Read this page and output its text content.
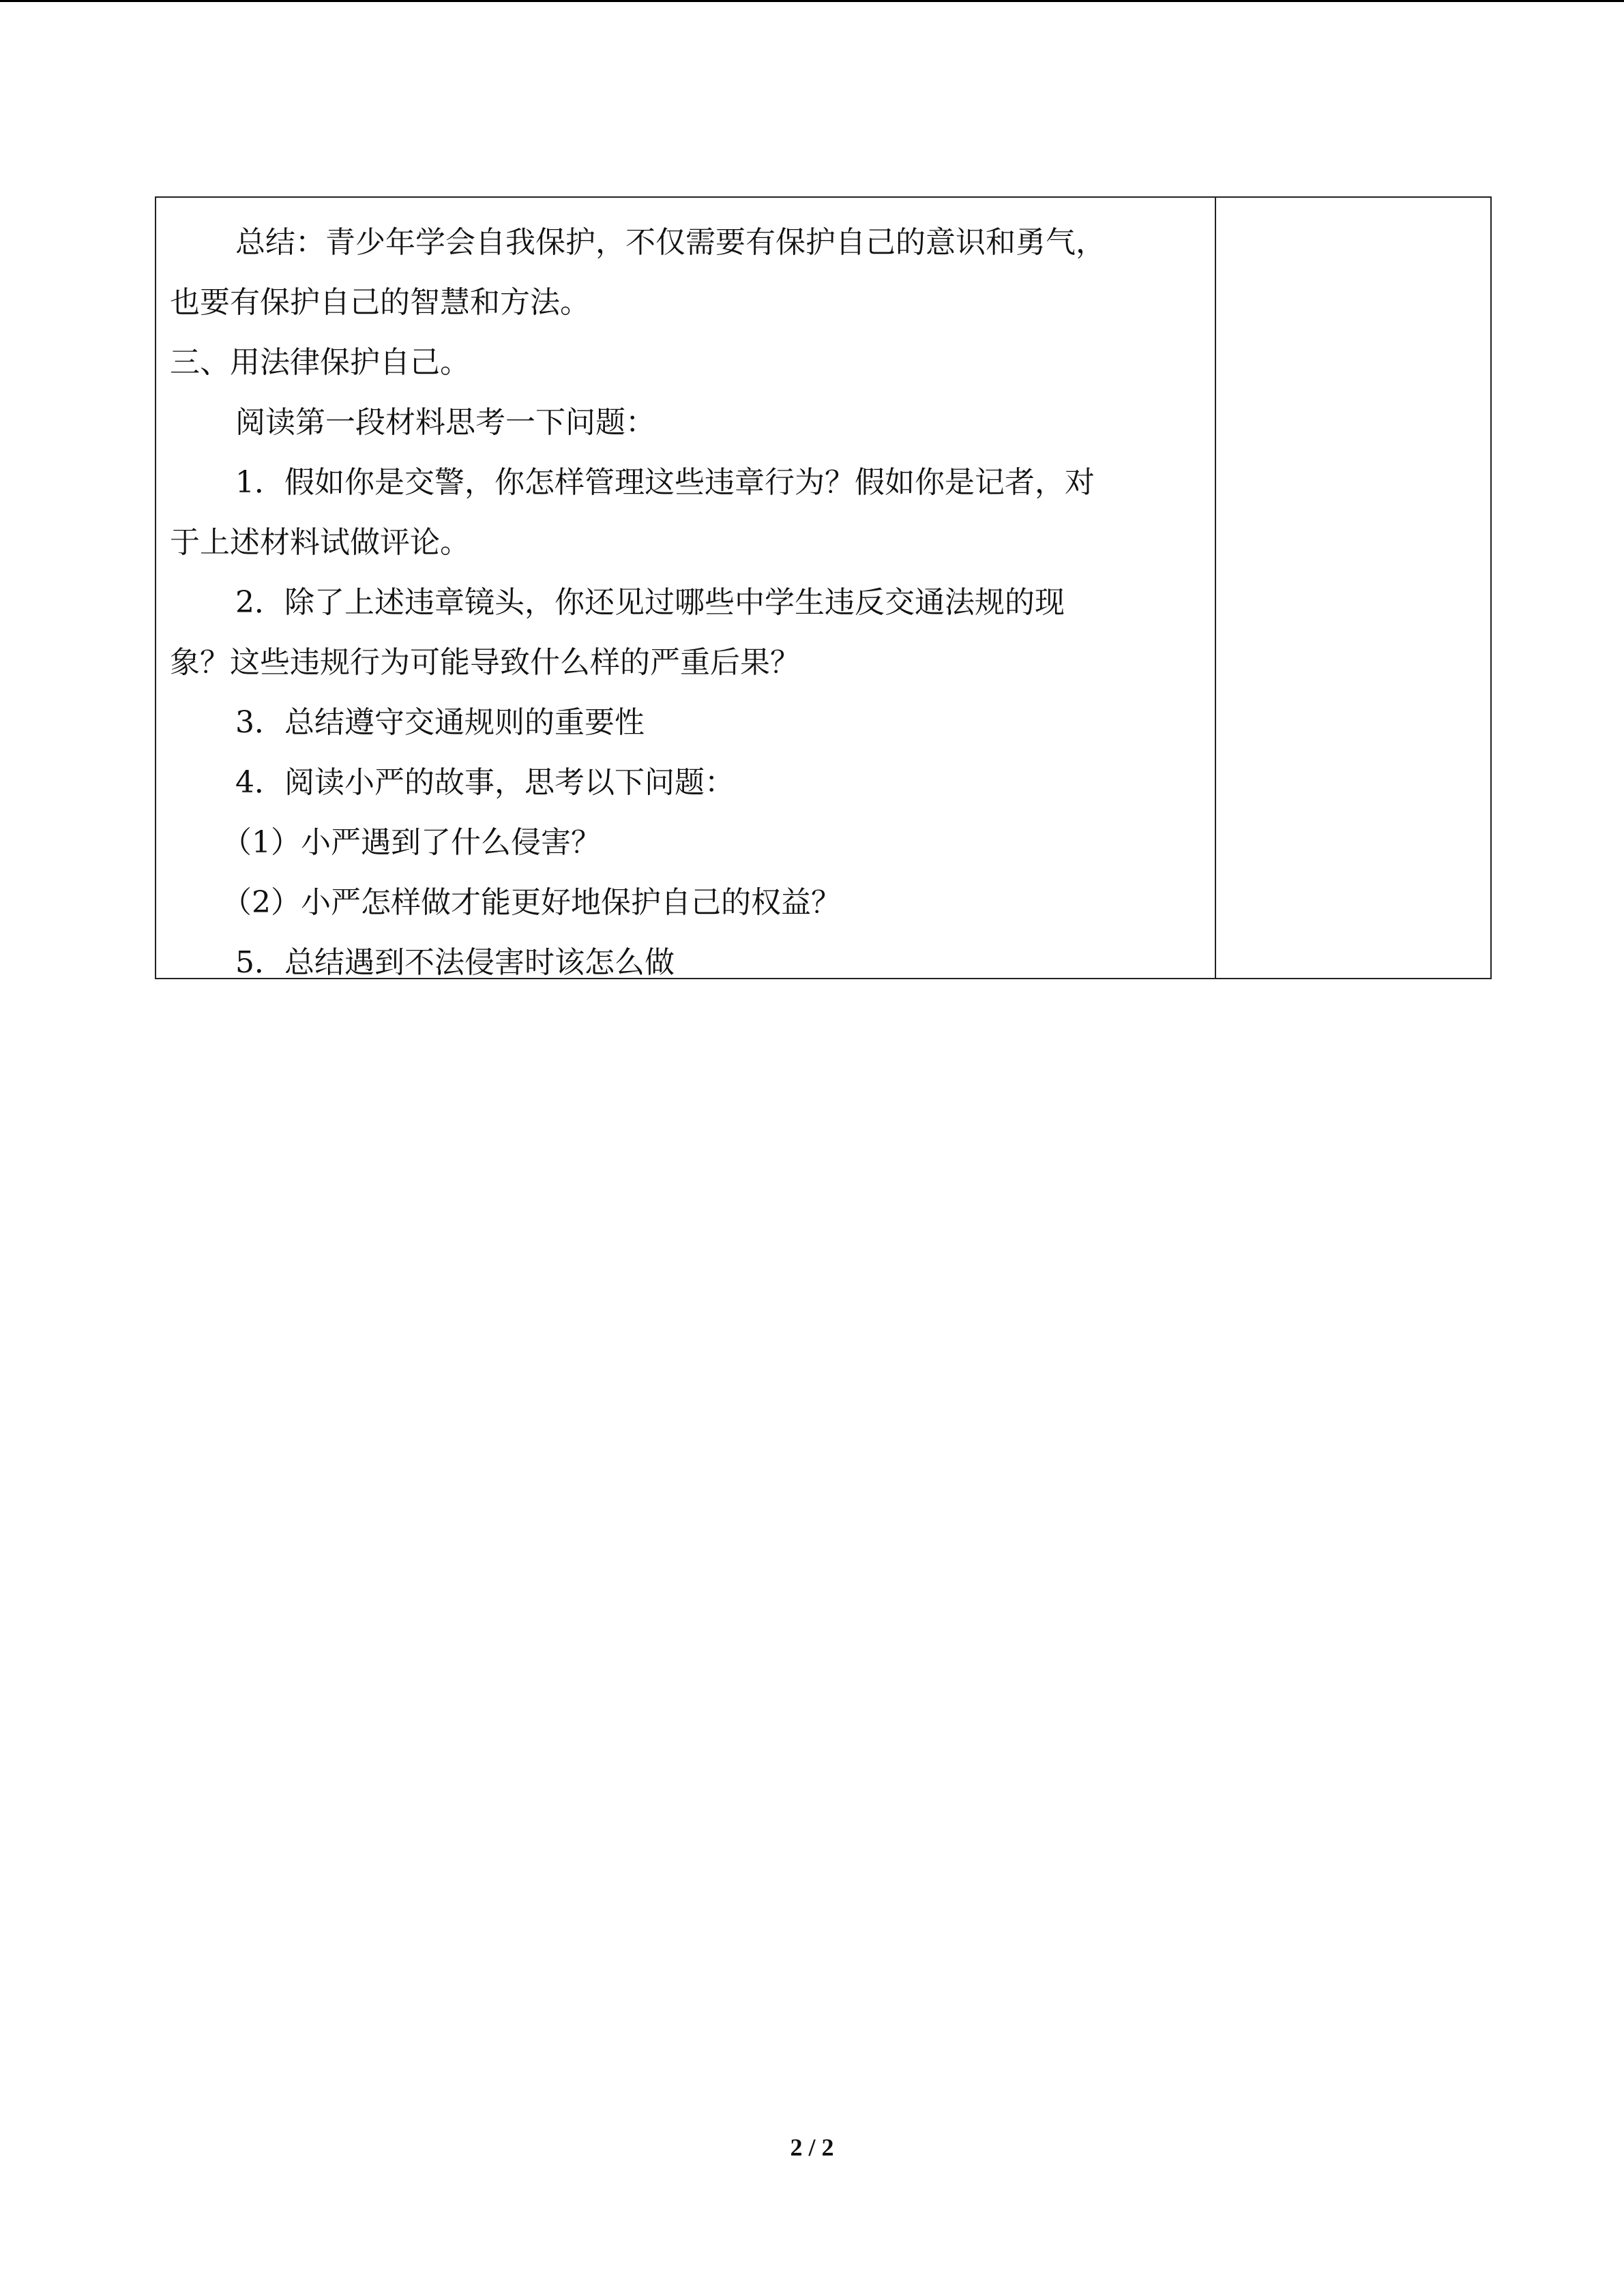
总结：青少年学会自我保护，不仅需要有保护自己的意识和勇气，

也要有保护自己的智慧和方法。

三、用法律保护自己。

阅读第一段材料思考一下问题：

1．假如你是交警，你怎样管理这些违章行为？假如你是记者，对

于上述材料试做评论。

2．除了上述违章镜头，你还见过哪些中学生违反交通法规的现

象？这些违规行为可能导致什么样的严重后果？

3．总结遵守交通规则的重要性

4．阅读小严的故事，思考以下问题：

（1）小严遇到了什么侵害？

（2）小严怎样做才能更好地保护自己的权益？

5．总结遇到不法侵害时该怎么做

2 / 2
